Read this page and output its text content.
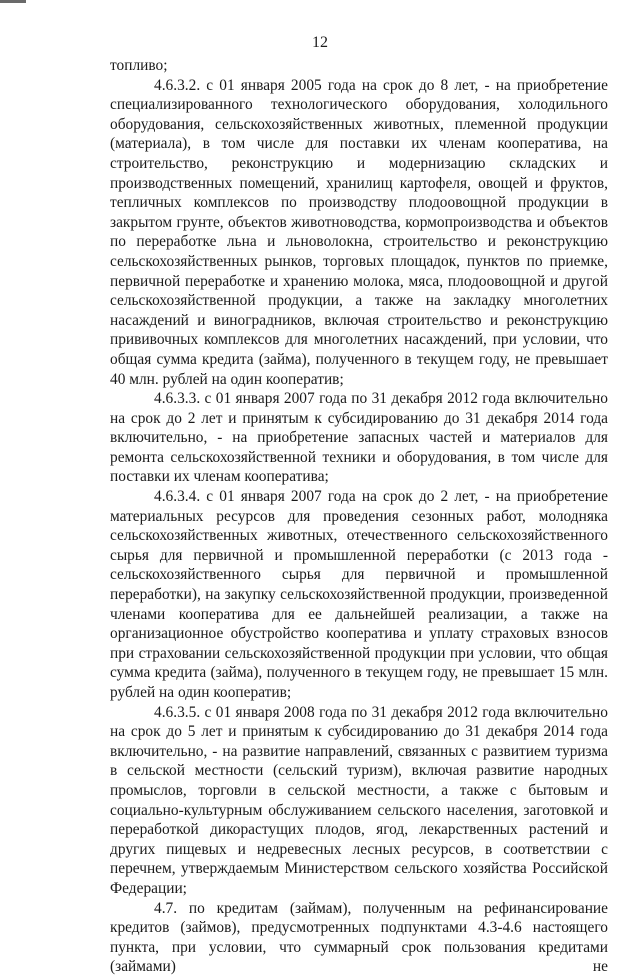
12

топливо;

4.6.3.2. с 01 января 2005 года на срок до 8 лет, - на приобретение специализированного технологического оборудования, холодильного оборудования, сельскохозяйственных животных, племенной продукции (материала), в том числе для поставки их членам кооператива, на строительство, реконструкцию и модернизацию складских и производственных помещений, хранилищ картофеля, овощей и фруктов, тепличных комплексов по производству плодоовощной продукции в закрытом грунте, объектов животноводства, кормопроизводства и объектов по переработке льна и льноволокна, строительство и реконструкцию сельскохозяйственных рынков, торговых площадок, пунктов по приемке, первичной переработке и хранению молока, мяса, плодоовощной и другой сельскохозяйственной продукции, а также на закладку многолетних насаждений и виноградников, включая строительство и реконструкцию прививочных комплексов для многолетних насаждений, при условии, что общая сумма кредита (займа), полученного в текущем году, не превышает 40 млн. рублей на один кооператив;

4.6.3.3. с 01 января 2007 года по 31 декабря 2012 года включительно на срок до 2 лет и принятым к субсидированию до 31 декабря 2014 года включительно, - на приобретение запасных частей и материалов для ремонта сельскохозяйственной техники и оборудования, в том числе для поставки их членам кооператива;

4.6.3.4. с 01 января 2007 года на срок до 2 лет, - на приобретение материальных ресурсов для проведения сезонных работ, молодняка сельскохозяйственных животных, отечественного сельскохозяйственного сырья для первичной и промышленной переработки (с 2013 года - сельскохозяйственного сырья для первичной и промышленной переработки), на закупку сельскохозяйственной продукции, произведенной членами кооператива для ее дальнейшей реализации, а также на организационное обустройство кооператива и уплату страховых взносов при страховании сельскохозяйственной продукции при условии, что общая сумма кредита (займа), полученного в текущем году, не превышает 15 млн. рублей на один кооператив;

4.6.3.5. с 01 января 2008 года по 31 декабря 2012 года включительно на срок до 5 лет и принятым к субсидированию до 31 декабря 2014 года включительно, - на развитие направлений, связанных с развитием туризма в сельской местности (сельский туризм), включая развитие народных промыслов, торговли в сельской местности, а также с бытовым и социально-культурным обслуживанием сельского населения, заготовкой и переработкой дикорастущих плодов, ягод, лекарственных растений и других пищевых и недревесных лесных ресурсов, в соответствии с перечнем, утверждаемым Министерством сельского хозяйства Российской Федерации;

4.7. по кредитам (займам), полученным на рефинансирование кредитов (займов), предусмотренных подпунктами 4.3-4.6 настоящего пункта, при условии, что суммарный срок пользования кредитами (займами) не
